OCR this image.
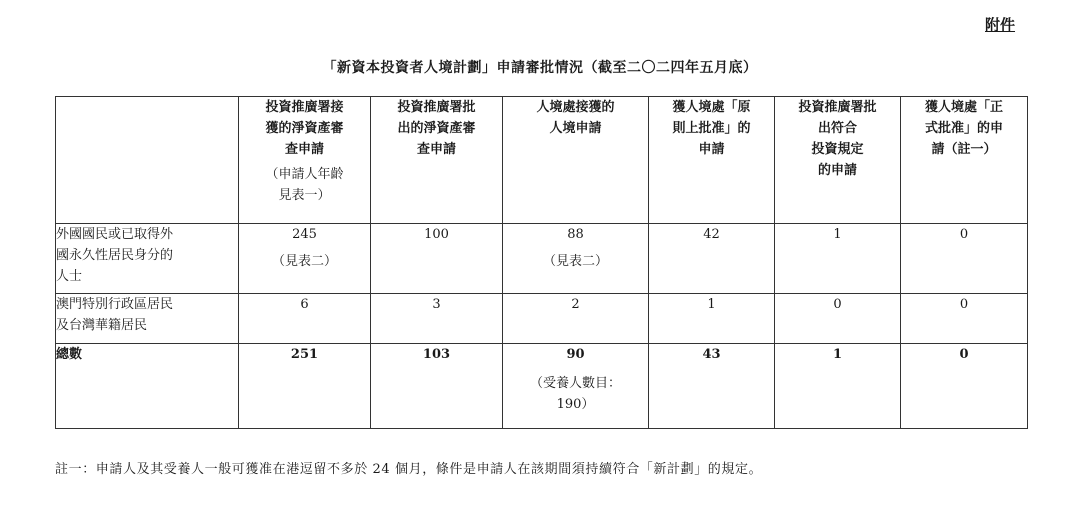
附件
「新資本投資者人境計劃」申請審批情況（截至二〇二四年五月底）
	投資推廣署接
獲的淨資產審
查申請
（申請人年齡
見表一）	投資推廣署批
出的淨資產審
查申請	人境處接獲的
人境申請	獲人境處「原
則上批准」的
申請	投資推廣署批
出符合
投資規定
的申請	獲人境處「正
式批准」的申
請（註一）
外國國民或已取得外
國永久性居民身分的
人士	245
（見表二）	100	88
（見表二）	42	1	0
澳門特別行政區居民
及台灣華籍居民	6	3	2	1	0	0
總數	251	103	90
（受養人數目：
190）	43	1	0
註一：申請人及其受養人一般可獲准在港逗留不多於 24 個月，條件是申請人在該期間須持續符合「新計劃」的規定。
